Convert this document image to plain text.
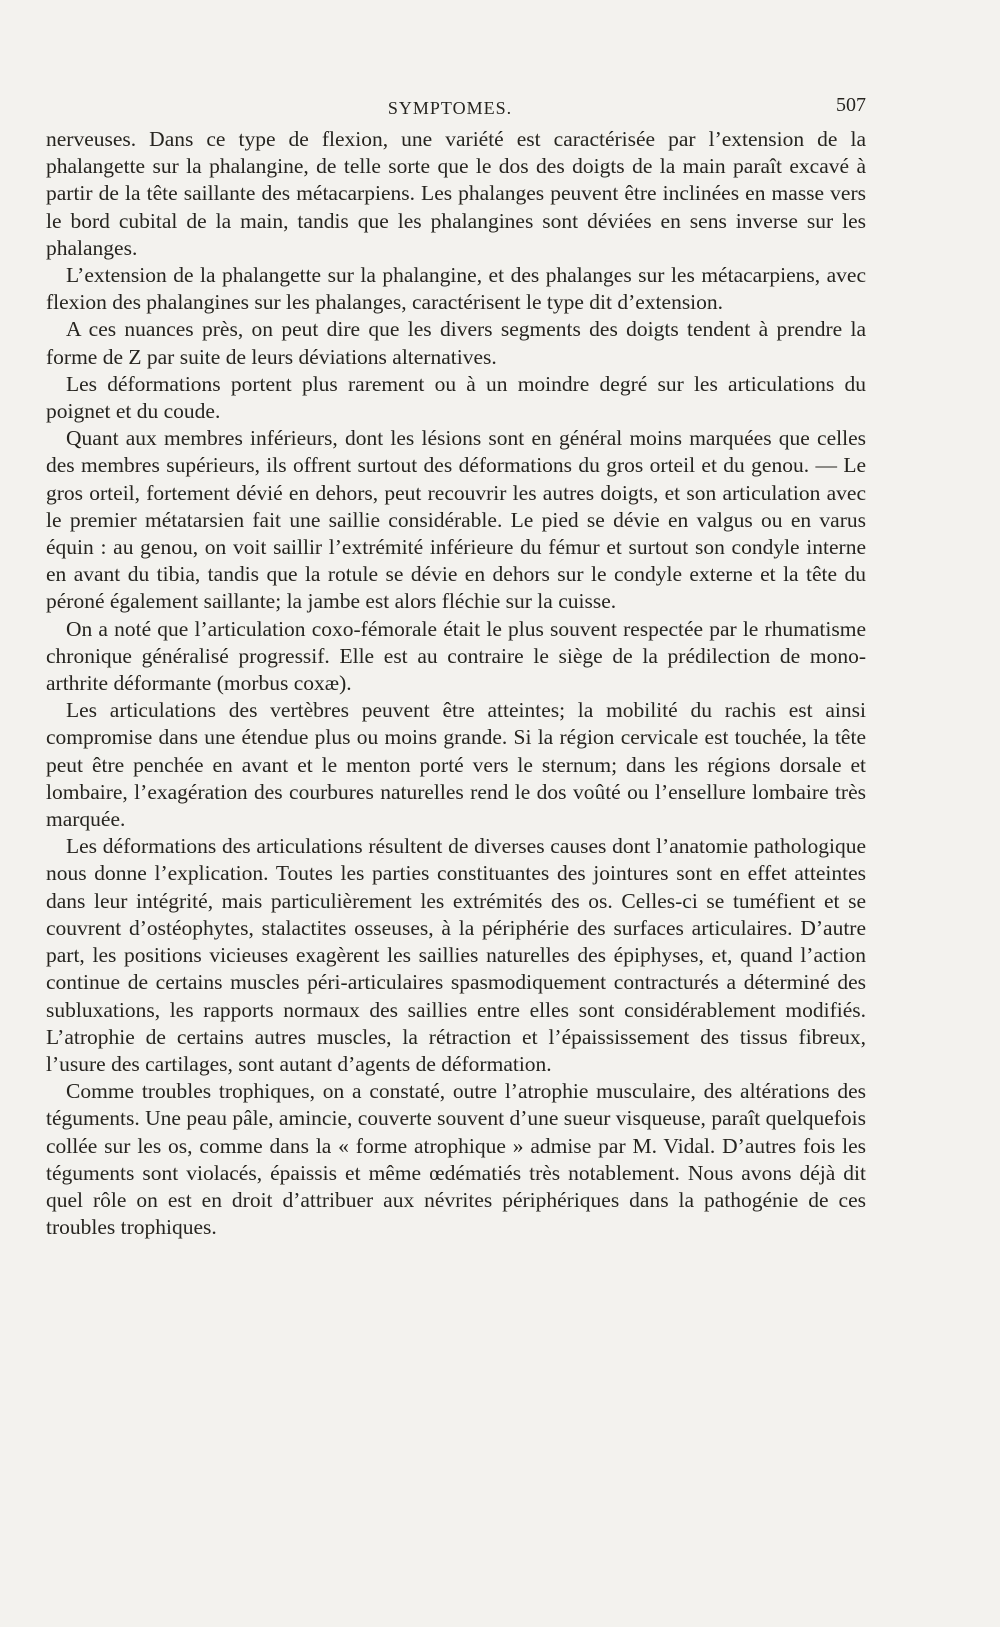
SYMPTOMES.	507

nerveuses. Dans ce type de flexion, une variété est caractérisée par l’extension de la phalangette sur la phalangine, de telle sorte que le dos des doigts de la main paraît excavé à partir de la tête saillante des métacarpiens. Les phalanges peuvent être inclinées en masse vers le bord cubital de la main, tandis que les phalangines sont déviées en sens inverse sur les phalanges.

L’extension de la phalangette sur la phalangine, et des phalanges sur les métacarpiens, avec flexion des phalangines sur les phalanges, caractérisent le type dit d’extension.

A ces nuances près, on peut dire que les divers segments des doigts tendent à prendre la forme de Z par suite de leurs déviations alternatives.

Les déformations portent plus rarement ou à un moindre degré sur les articulations du poignet et du coude.

Quant aux membres inférieurs, dont les lésions sont en général moins marquées que celles des membres supérieurs, ils offrent surtout des déformations du gros orteil et du genou. — Le gros orteil, fortement dévié en dehors, peut recouvrir les autres doigts, et son articulation avec le premier métatarsien fait une saillie considérable. Le pied se dévie en valgus ou en varus équin : au genou, on voit saillir l’extrémité inférieure du fémur et surtout son condyle interne en avant du tibia, tandis que la rotule se dévie en dehors sur le condyle externe et la tête du péroné également saillante; la jambe est alors fléchie sur la cuisse.

On a noté que l’articulation coxo-fémorale était le plus souvent respectée par le rhumatisme chronique généralisé progressif. Elle est au contraire le siège de la prédilection de mono-arthrite déformante (morbus coxæ).

Les articulations des vertèbres peuvent être atteintes; la mobilité du rachis est ainsi compromise dans une étendue plus ou moins grande. Si la région cervicale est touchée, la tête peut être penchée en avant et le menton porté vers le sternum; dans les régions dorsale et lombaire, l’exagération des courbures naturelles rend le dos voûté ou l’ensellure lombaire très marquée.

Les déformations des articulations résultent de diverses causes dont l’anatomie pathologique nous donne l’explication. Toutes les parties constituantes des jointures sont en effet atteintes dans leur intégrité, mais particulièrement les extrémités des os. Celles-ci se tuméfient et se couvrent d’ostéophytes, stalactites osseuses, à la périphérie des surfaces articulaires. D’autre part, les positions vicieuses exagèrent les saillies naturelles des épiphyses, et, quand l’action continue de certains muscles péri-articulaires spasmodiquement contracturés a déterminé des subluxations, les rapports normaux des saillies entre elles sont considérablement modifiés. L’atrophie de certains autres muscles, la rétraction et l’épaississement des tissus fibreux, l’usure des cartilages, sont autant d’agents de déformation.

Comme troubles trophiques, on a constaté, outre l’atrophie musculaire, des altérations des téguments. Une peau pâle, amincie, couverte souvent d’une sueur visqueuse, paraît quelquefois collée sur les os, comme dans la « forme atrophique » admise par M. Vidal. D’autres fois les téguments sont violacés, épaissis et même œdématiés très notablement. Nous avons déjà dit quel rôle on est en droit d’attribuer aux névrites périphériques dans la pathogénie de ces troubles trophiques.
